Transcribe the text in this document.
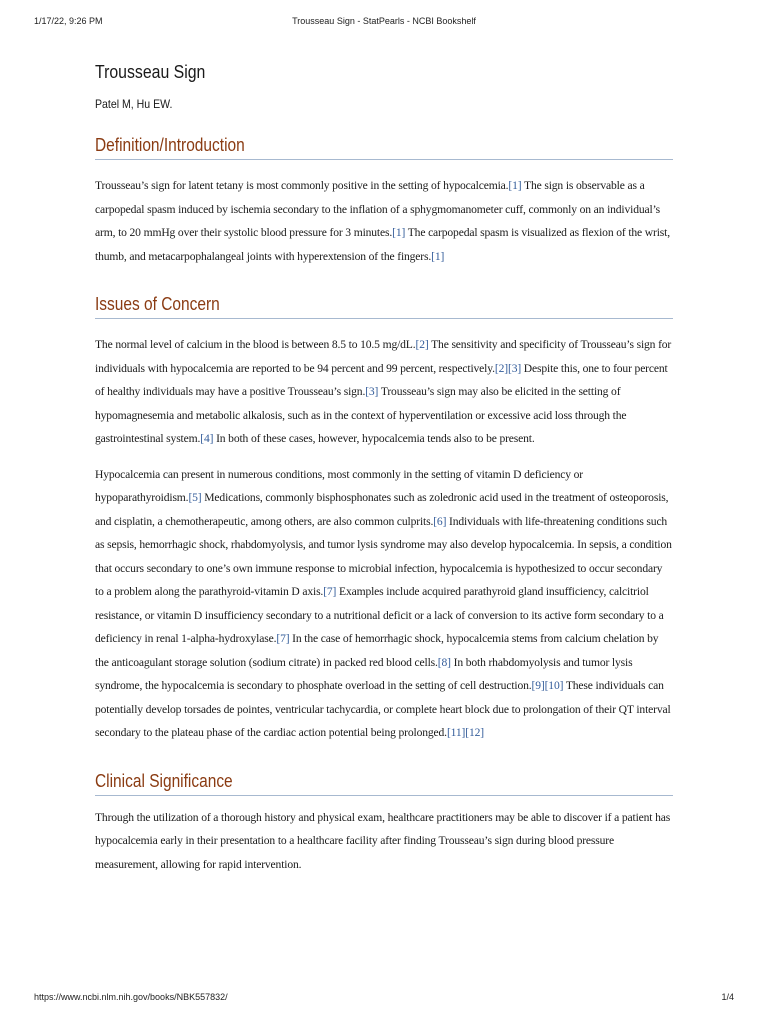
1/17/22, 9:26 PM	Trousseau Sign - StatPearls - NCBI Bookshelf
Trousseau Sign

Patel M, Hu EW.

Definition/Introduction

Trousseau’s sign for latent tetany is most commonly positive in the setting of hypocalcemia.[1] The sign is observable as a carpopedal spasm induced by ischemia secondary to the inflation of a sphygmomanometer cuff, commonly on an individual’s arm, to 20 mmHg over their systolic blood pressure for 3 minutes.[1] The carpopedal spasm is visualized as flexion of the wrist, thumb, and metacarpophalangeal joints with hyperextension of the fingers.[1]

Issues of Concern

The normal level of calcium in the blood is between 8.5 to 10.5 mg/dL.[2] The sensitivity and specificity of Trousseau’s sign for individuals with hypocalcemia are reported to be 94 percent and 99 percent, respectively.[2][3] Despite this, one to four percent of healthy individuals may have a positive Trousseau’s sign.[3] Trousseau’s sign may also be elicited in the setting of hypomagnesemia and metabolic alkalosis, such as in the context of hyperventilation or excessive acid loss through the gastrointestinal system.[4] In both of these cases, however, hypocalcemia tends also to be present.

Hypocalcemia can present in numerous conditions, most commonly in the setting of vitamin D deficiency or hypoparathyroidism.[5] Medications, commonly bisphosphonates such as zoledronic acid used in the treatment of osteoporosis, and cisplatin, a chemotherapeutic, among others, are also common culprits.[6] Individuals with life-threatening conditions such as sepsis, hemorrhagic shock, rhabdomyolysis, and tumor lysis syndrome may also develop hypocalcemia. In sepsis, a condition that occurs secondary to one’s own immune response to microbial infection, hypocalcemia is hypothesized to occur secondary to a problem along the parathyroid-vitamin D axis.[7] Examples include acquired parathyroid gland insufficiency, calcitriol resistance, or vitamin D insufficiency secondary to a nutritional deficit or a lack of conversion to its active form secondary to a deficiency in renal 1-alpha-hydroxylase.[7] In the case of hemorrhagic shock, hypocalcemia stems from calcium chelation by the anticoagulant storage solution (sodium citrate) in packed red blood cells.[8] In both rhabdomyolysis and tumor lysis syndrome, the hypocalcemia is secondary to phosphate overload in the setting of cell destruction.[9][10] These individuals can potentially develop torsades de pointes, ventricular tachycardia, or complete heart block due to prolongation of their QT interval secondary to the plateau phase of the cardiac action potential being prolonged.[11][12]

Clinical Significance

Through the utilization of a thorough history and physical exam, healthcare practitioners may be able to discover if a patient has hypocalcemia early in their presentation to a healthcare facility after finding Trousseau’s sign during blood pressure measurement, allowing for rapid intervention.

https://www.ncbi.nlm.nih.gov/books/NBK557832/	1/4
